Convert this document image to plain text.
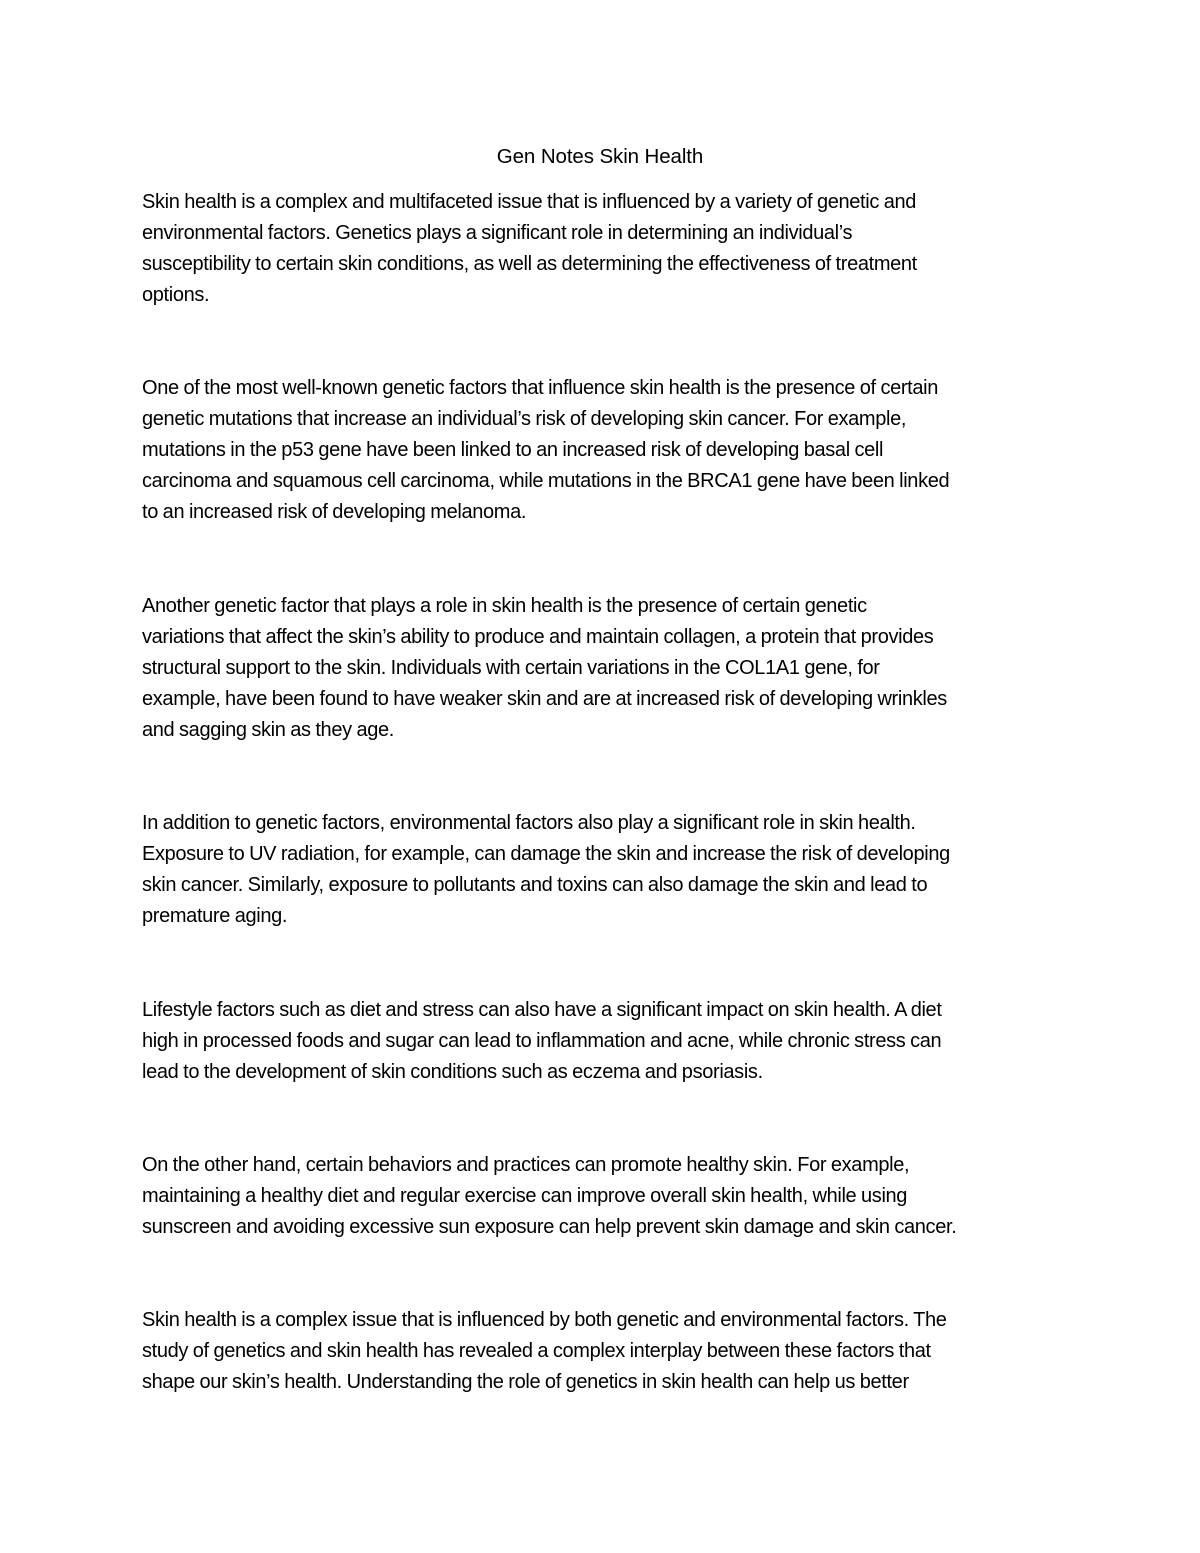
Gen Notes Skin Health

Skin health is a complex and multifaceted issue that is influenced by a variety of genetic and
environmental factors. Genetics plays a significant role in determining an individual’s
susceptibility to certain skin conditions, as well as determining the effectiveness of treatment
options.

One of the most well-known genetic factors that influence skin health is the presence of certain
genetic mutations that increase an individual’s risk of developing skin cancer. For example,
mutations in the p53 gene have been linked to an increased risk of developing basal cell
carcinoma and squamous cell carcinoma, while mutations in the BRCA1 gene have been linked
to an increased risk of developing melanoma.

Another genetic factor that plays a role in skin health is the presence of certain genetic
variations that affect the skin’s ability to produce and maintain collagen, a protein that provides
structural support to the skin. Individuals with certain variations in the COL1A1 gene, for
example, have been found to have weaker skin and are at increased risk of developing wrinkles
and sagging skin as they age.

In addition to genetic factors, environmental factors also play a significant role in skin health.
Exposure to UV radiation, for example, can damage the skin and increase the risk of developing
skin cancer. Similarly, exposure to pollutants and toxins can also damage the skin and lead to
premature aging.

Lifestyle factors such as diet and stress can also have a significant impact on skin health. A diet
high in processed foods and sugar can lead to inflammation and acne, while chronic stress can
lead to the development of skin conditions such as eczema and psoriasis.

On the other hand, certain behaviors and practices can promote healthy skin. For example,
maintaining a healthy diet and regular exercise can improve overall skin health, while using
sunscreen and avoiding excessive sun exposure can help prevent skin damage and skin cancer.

Skin health is a complex issue that is influenced by both genetic and environmental factors. The
study of genetics and skin health has revealed a complex interplay between these factors that
shape our skin’s health. Understanding the role of genetics in skin health can help us better
